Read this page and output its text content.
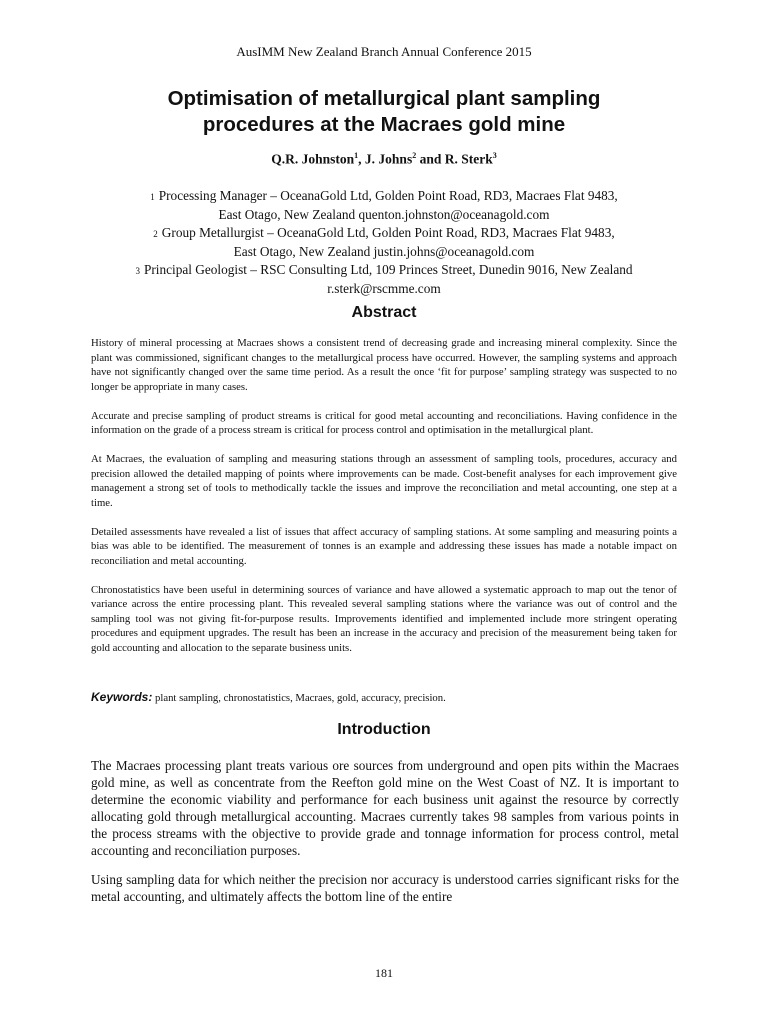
AusIMM New Zealand Branch Annual Conference 2015
Optimisation of metallurgical plant sampling
procedures at the Macraes gold mine
Q.R. Johnston$^1$, J. Johns$^2$ and R. Sterk$^3$
1 Processing Manager – OceanaGold Ltd, Golden Point Road, RD3, Macraes Flat 9483,
East Otago, New Zealand quenton.johnston@oceanagold.com
2 Group Metallurgist – OceanaGold Ltd, Golden Point Road, RD3, Macraes Flat 9483,
East Otago, New Zealand justin.johns@oceanagold.com
3 Principal Geologist – RSC Consulting Ltd, 109 Princes Street, Dunedin 9016, New Zealand
r.sterk@rscmme.com
Abstract

History of mineral processing at Macraes shows a consistent trend of decreasing grade and increasing mineral complexity. Since the plant was commissioned, significant changes to the metallurgical process have occurred. However, the sampling systems and approach have not significantly changed over the same time period. As a result the once ‘fit for purpose’ sampling strategy was suspected to no longer be appropriate in many cases.

Accurate and precise sampling of product streams is critical for good metal accounting and reconciliations. Having confidence in the information on the grade of a process stream is critical for process control and optimisation in the metallurgical plant.

At Macraes, the evaluation of sampling and measuring stations through an assessment of sampling tools, procedures, accuracy and precision allowed the detailed mapping of points where improvements can be made. Cost-benefit analyses for each improvement give management a strong set of tools to methodically tackle the issues and improve the reconciliation and metal accounting, one step at a time.

Detailed assessments have revealed a list of issues that affect accuracy of sampling stations. At some sampling and measuring points a bias was able to be identified. The measurement of tonnes is an example and addressing these issues has made a notable impact on reconciliation and metal accounting.

Chronostatistics have been useful in determining sources of variance and have allowed a systematic approach to map out the tenor of variance across the entire processing plant. This revealed several sampling stations where the variance was out of control and the sampling tool was not giving fit-for-purpose results. Improvements identified and implemented include more stringent operating procedures and equipment upgrades. The result has been an increase in the accuracy and precision of the measurement being taken for gold accounting and allocation to the separate business units.

Keywords: plant sampling, chronostatistics, Macraes, gold, accuracy, precision.
Introduction

The Macraes processing plant treats various ore sources from underground and open pits within the Macraes gold mine, as well as concentrate from the Reefton gold mine on the West Coast of NZ. It is important to determine the economic viability and performance for each business unit against the resource by correctly allocating gold through metallurgical accounting. Macraes currently takes 98 samples from various points in the process streams with the objective to provide grade and tonnage information for process control, metal accounting and reconciliation purposes.

Using sampling data for which neither the precision nor accuracy is understood carries significant risks for the metal accounting, and ultimately affects the bottom line of the entire

181
